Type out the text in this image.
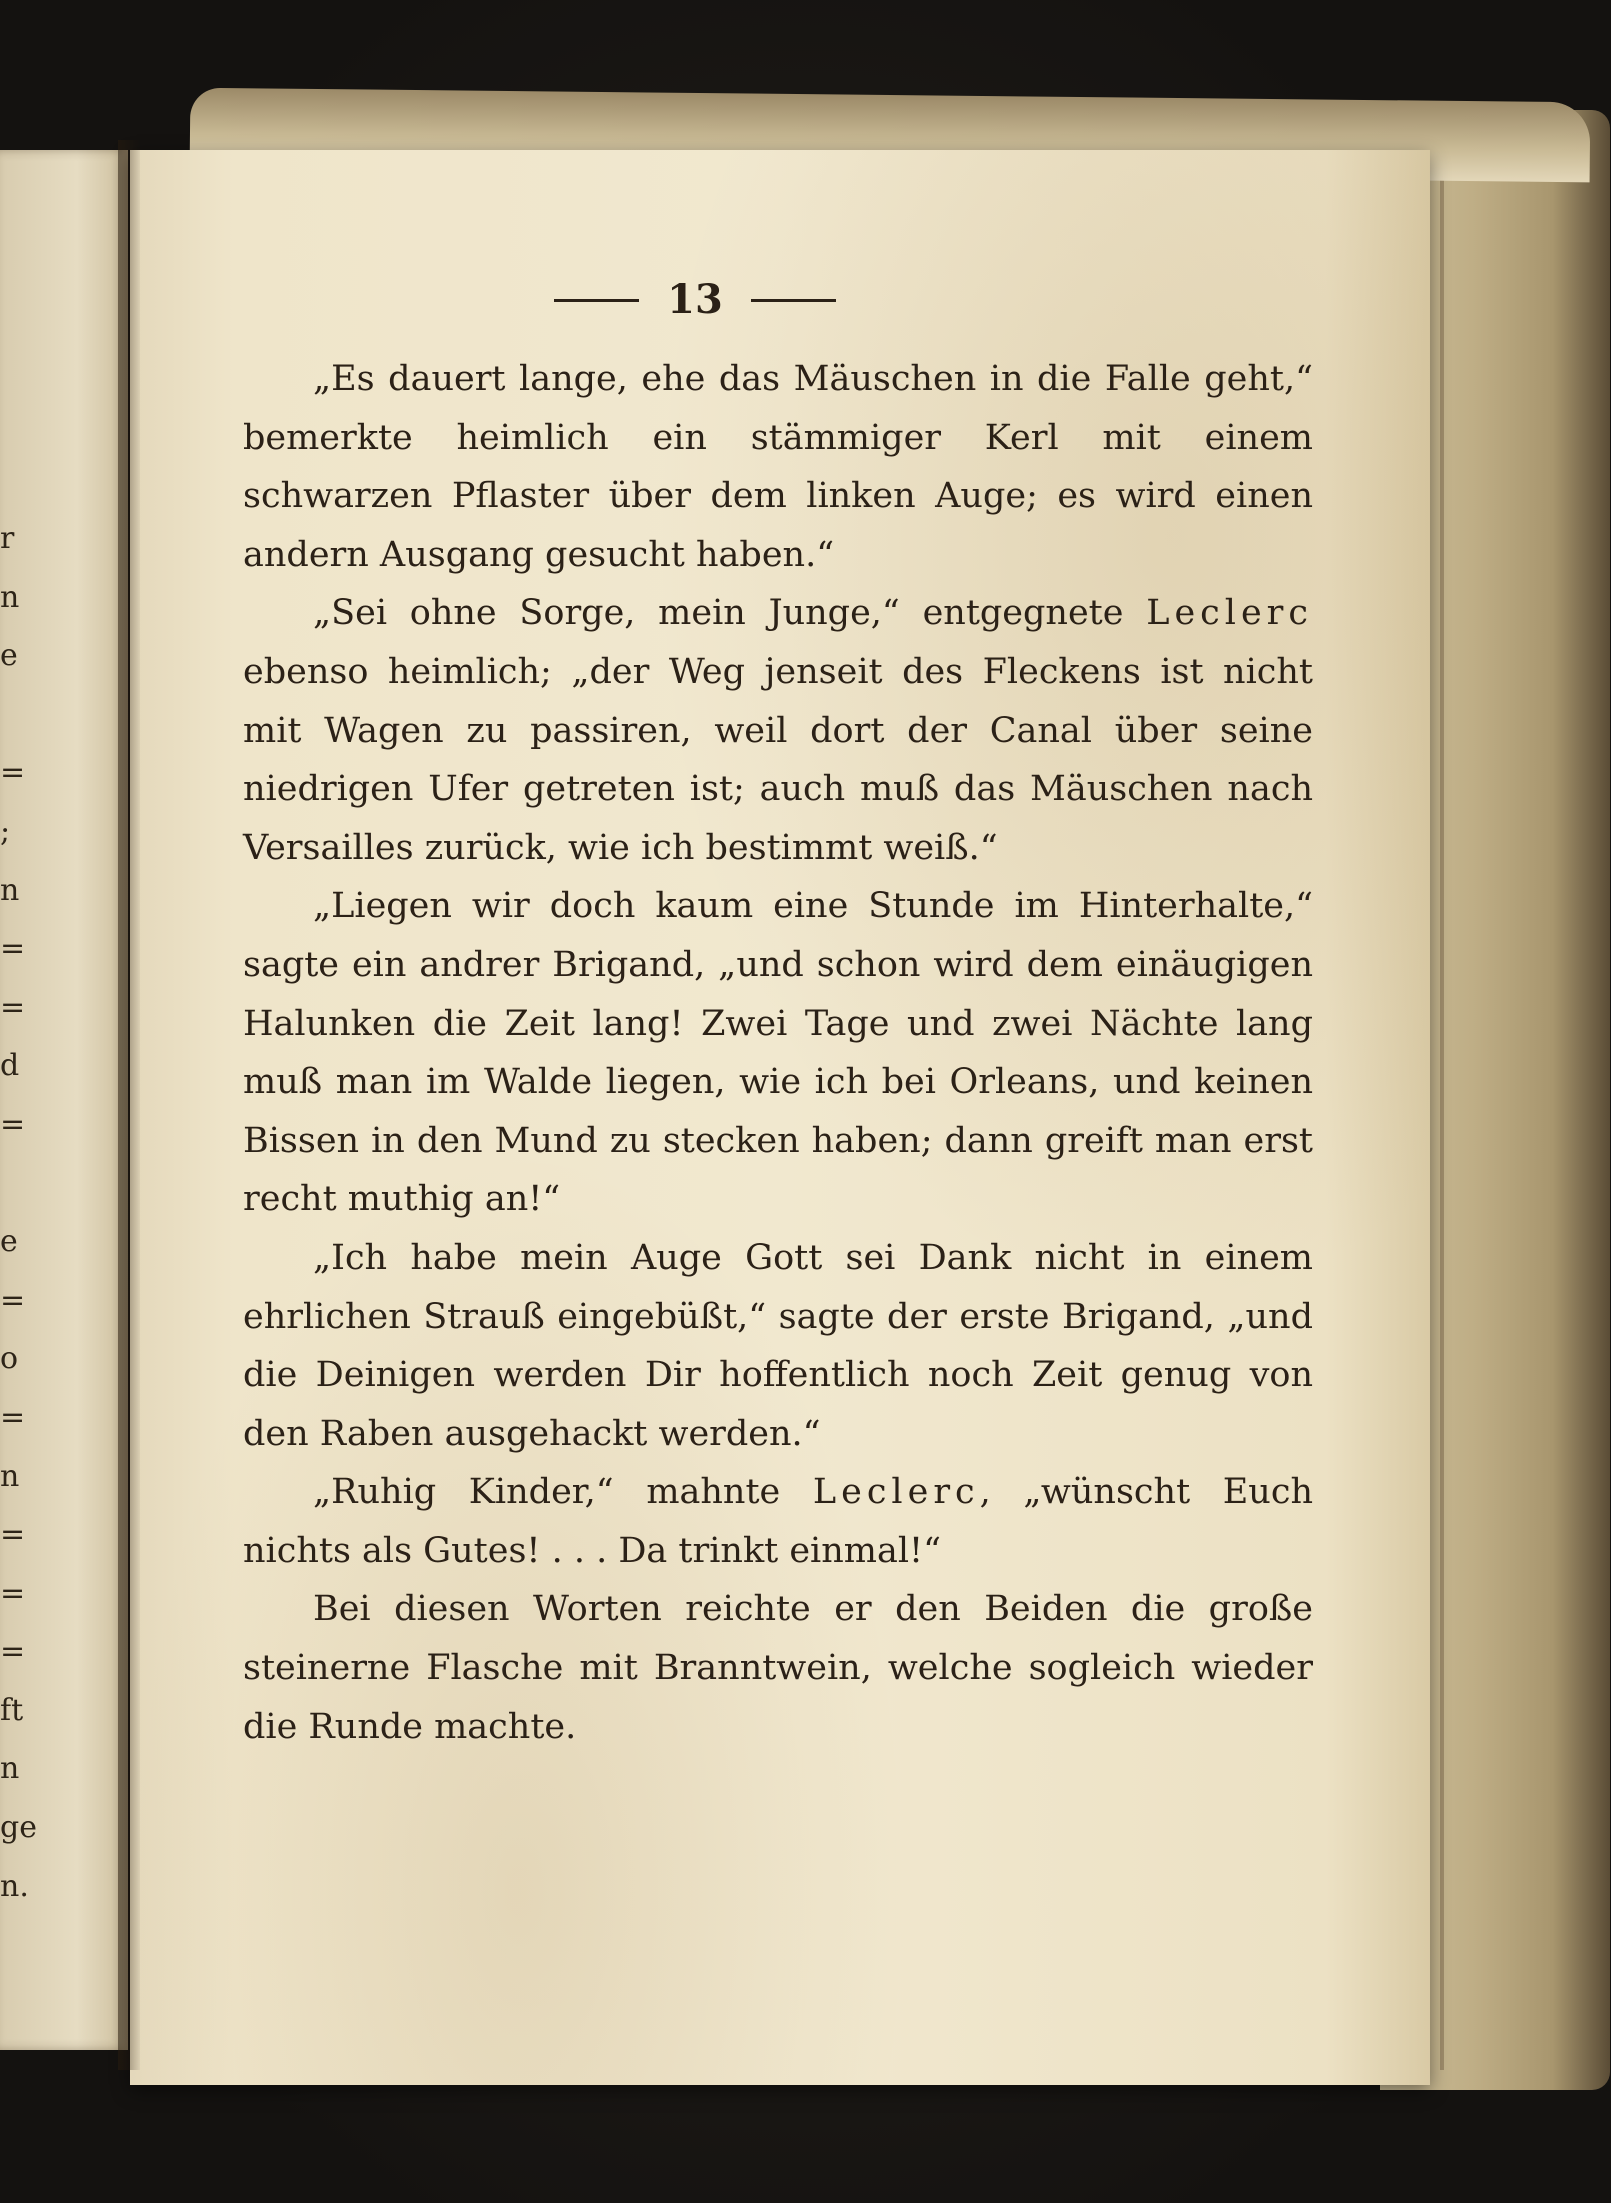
r
n
e
=
;
n
=
=
d
=
e
=
o
=
n
=
=
=
ft
n
ge
n.
13

„Es dauert lange, ehe das Mäuschen in die Falle geht,“ bemerkte heimlich ein stämmiger Kerl mit einem schwarzen Pflaster über dem linken Auge; es wird einen andern Ausgang gesucht haben.“

„Sei ohne Sorge, mein Junge,“ entgegnete Leclerc ebenso heimlich; „der Weg jenseit des Fleckens ist nicht mit Wagen zu passiren, weil dort der Canal über seine niedrigen Ufer getreten ist; auch muß das Mäuschen nach Versailles zurück, wie ich bestimmt weiß.“

„Liegen wir doch kaum eine Stunde im Hinterhalte,“ sagte ein andrer Brigand, „und schon wird dem einäugigen Halunken die Zeit lang! Zwei Tage und zwei Nächte lang muß man im Walde liegen, wie ich bei Orleans, und keinen Bissen in den Mund zu stecken haben; dann greift man erst recht muthig an!“

„Ich habe mein Auge Gott sei Dank nicht in einem ehrlichen Strauß eingebüßt,“ sagte der erste Brigand, „und die Deinigen werden Dir hoffentlich noch Zeit genug von den Raben ausgehackt werden.“

„Ruhig Kinder,“ mahnte Leclerc, „wünscht Euch nichts als Gutes! . . . Da trinkt einmal!“

Bei diesen Worten reichte er den Beiden die große steinerne Flasche mit Branntwein, welche sogleich wieder die Runde machte.
